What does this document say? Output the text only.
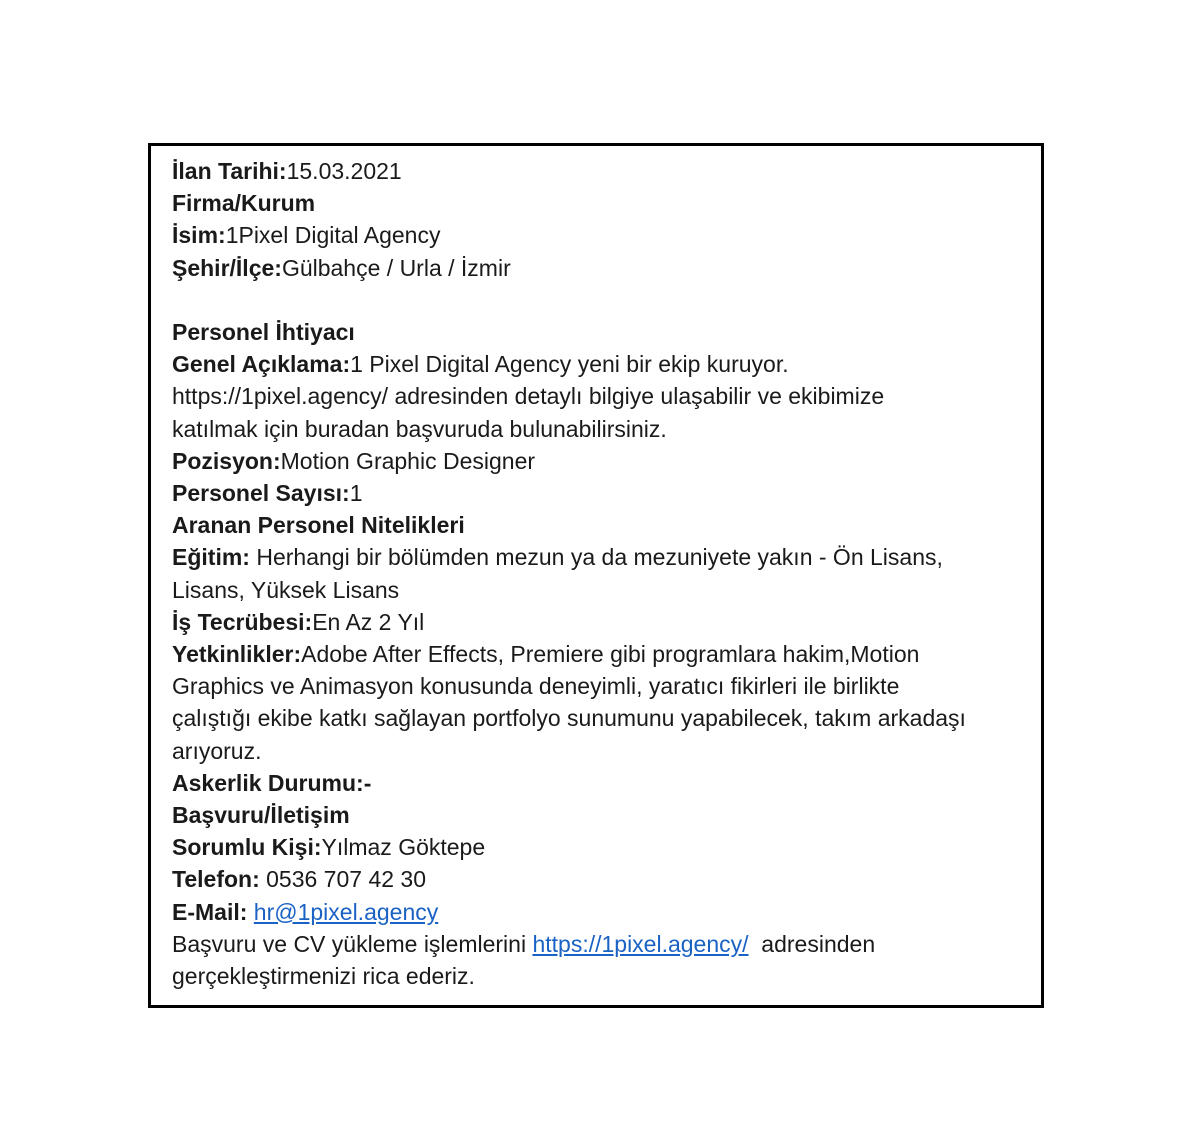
İlan Tarihi:15.03.2021

Firma/Kurum

İsim:1Pixel Digital Agency

Şehir/İlçe:Gülbahçe / Urla / İzmir

Personel İhtiyacı

Genel Açıklama:1 Pixel Digital Agency yeni bir ekip kuruyor.

https://1pixel.agency/ adresinden detaylı bilgiye ulaşabilir ve ekibimize

katılmak için buradan başvuruda bulunabilirsiniz.

Pozisyon:Motion Graphic Designer

Personel Sayısı:1

Aranan Personel Nitelikleri

Eğitim: Herhangi bir bölümden mezun ya da mezuniyete yakın - Ön Lisans,

Lisans, Yüksek Lisans

İş Tecrübesi:En Az 2 Yıl

Yetkinlikler:Adobe After Effects, Premiere gibi programlara hakim,Motion

Graphics ve Animasyon konusunda deneyimli, yaratıcı fikirleri ile birlikte

çalıştığı ekibe katkı sağlayan portfolyo sunumunu yapabilecek, takım arkadaşı

arıyoruz.

Askerlik Durumu:-

Başvuru/İletişim

Sorumlu Kişi:Yılmaz Göktepe

Telefon: 0536 707 42 30

E-Mail: hr@1pixel.agency

Başvuru ve CV yükleme işlemlerini https://1pixel.agency/  adresinden

gerçekleştirmenizi rica ederiz.
